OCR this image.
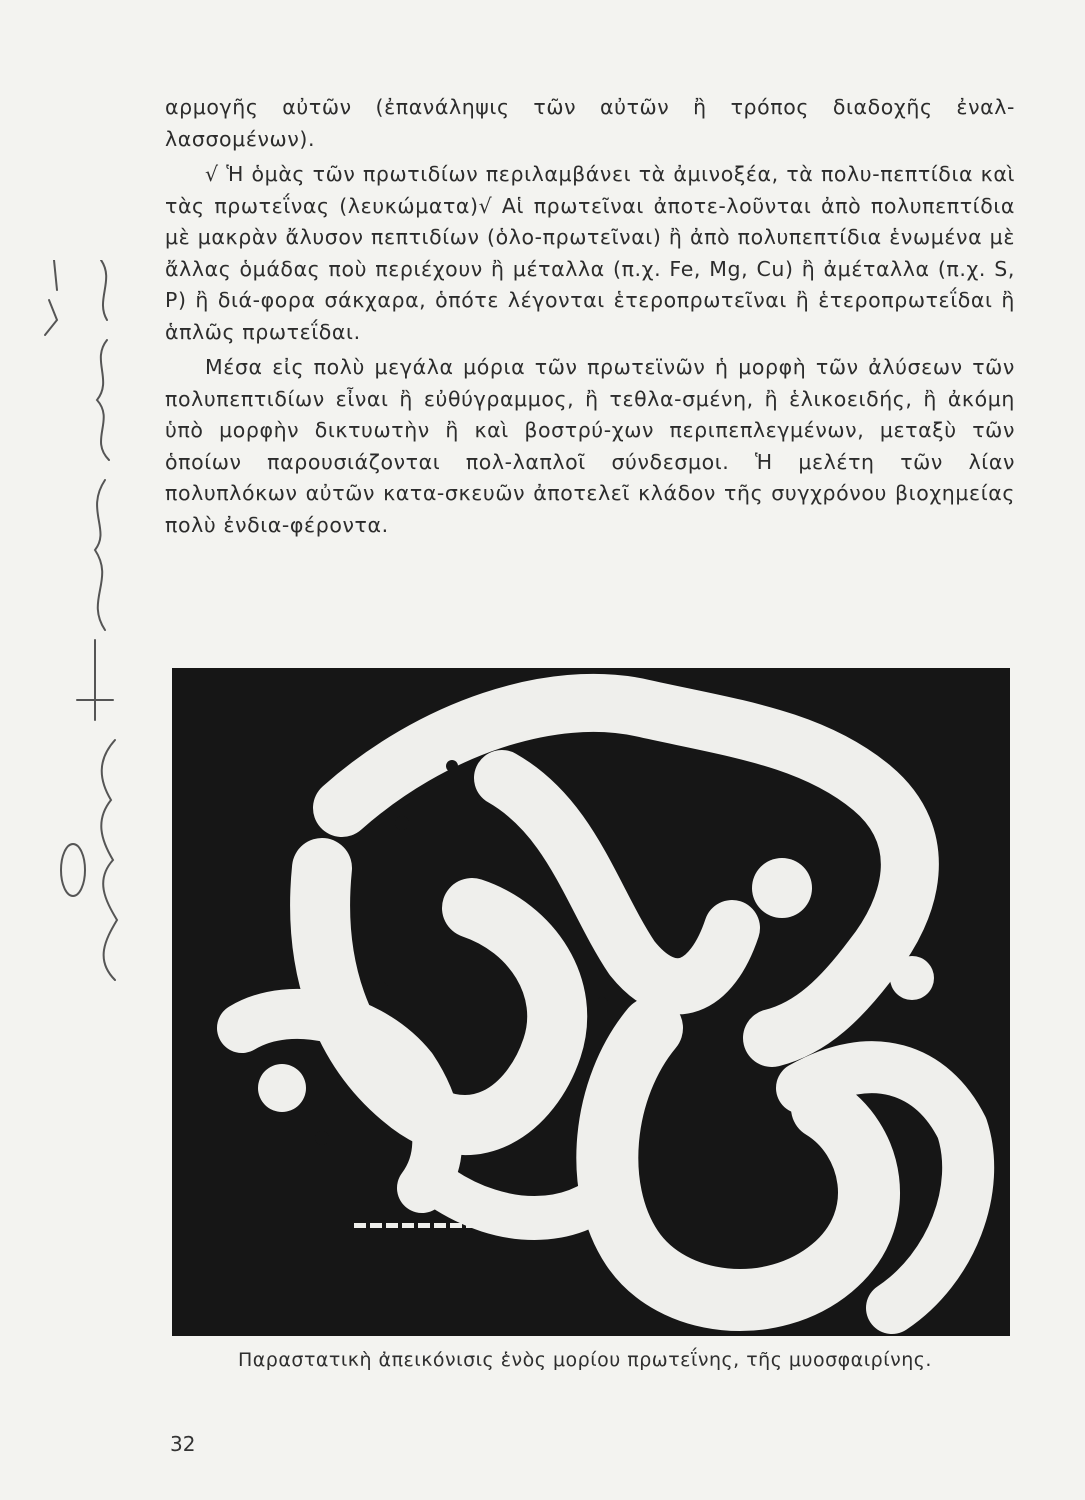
αρμογῆς αὐτῶν (ἐπανάληψις τῶν αὐτῶν ἢ τρόπος διαδοχῆς ἐναλ-λασσομένων).

√ Ἡ ὁμὰς τῶν πρωτιδίων περιλαμβάνει τὰ ἀμινοξέα, τὰ πολυ-πεπτίδια καὶ τὰς πρωτεΐνας (λευκώματα)√ Αἱ πρωτεῖναι ἀποτε-λοῦνται ἀπὸ πολυπεπτίδια μὲ μακρὰν ἄλυσον πεπτιδίων (ὁλο-πρωτεῖναι) ἢ ἀπὸ πολυπεπτίδια ἑνωμένα μὲ ἄλλας ὁμάδας ποὺ περιέχουν ἢ μέταλλα (π.χ. Fe, Mg, Cu) ἢ ἀμέταλλα (π.χ. S, P) ἢ διά-φορα σάκχαρα, ὁπότε λέγονται ἑτεροπρωτεῖναι ἢ ἑτεροπρωτεΐδαι ἢ ἁπλῶς πρωτεΐδαι.

Μέσα εἰς πολὺ μεγάλα μόρια τῶν πρωτεϊνῶν ἡ μορφὴ τῶν ἀλύσεων τῶν πολυπεπτιδίων εἶναι ἢ εὐθύγραμμος, ἢ τεθλα-σμένη, ἢ ἑλικοειδής, ἢ ἀκόμη ὑπὸ μορφὴν δικτυωτὴν ἢ καὶ βοστρύ-χων περιπεπλεγμένων, μεταξὺ τῶν ὁποίων παρουσιάζονται πολ-λαπλοῖ σύνδεσμοι. Ἡ μελέτη τῶν λίαν πολυπλόκων αὐτῶν κατα-σκευῶν ἀποτελεῖ κλάδον τῆς συγχρόνου βιοχημείας πολὺ ἐνδια-φέροντα.

Παραστατικὴ ἀπεικόνισις ἑνὸς μορίου πρωτεΐνης, τῆς μυοσφαιρίνης.
32
